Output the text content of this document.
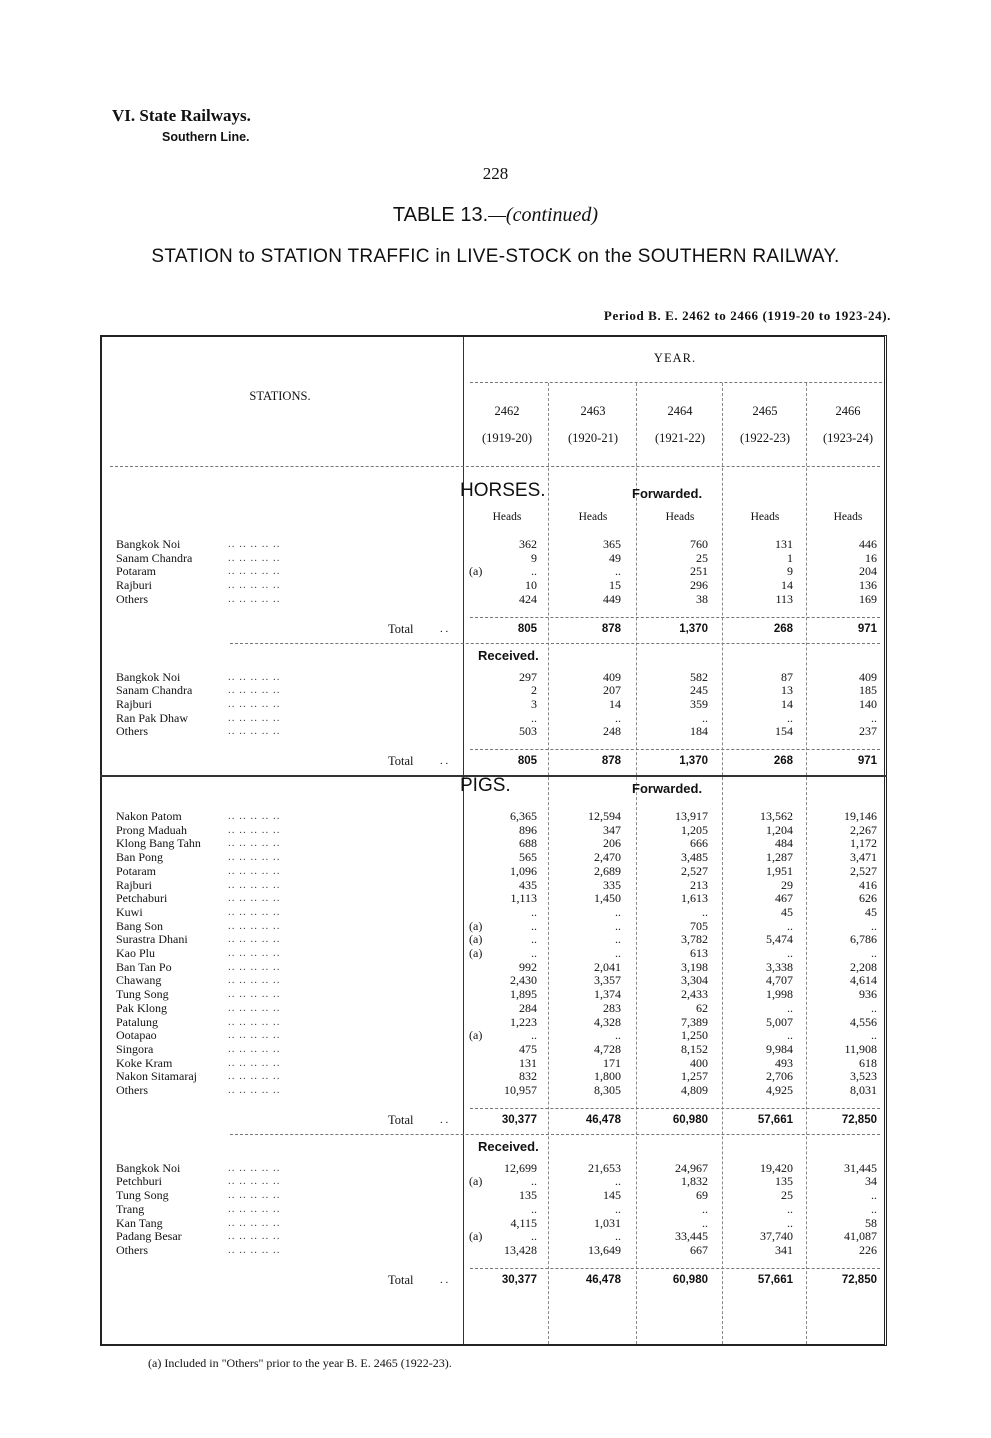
VI. State Railways.
Southern Line.
228
TABLE 13.—(continued)
STATION to STATION TRAFFIC in LIVE-STOCK on the SOUTHERN RAILWAY.
Period B. E. 2462 to 2466 (1919-20 to 1923-24).
STATIONS.
YEAR.
2462
(1919-20)
2463
(1920-21)
2464
(1921-22)
2465
(1922-23)
2466
(1923-24)
HORSES.	Forwarded.
Heads	Heads	Heads	Heads	Heads
Bangkok Noi	.. .. .. .. ..	362	365	760	131	446
Sanam Chandra	.. .. .. .. ..	9	49	25	1	16
Potaram	.. .. .. .. ..	(a)	..	..	251	9	204
Rajburi	.. .. .. .. ..	10	15	296	14	136
Others	.. .. .. .. ..	424	449	38	113	169
Total . .	805	878	1,370	268	971
Received.
Bangkok Noi	.. .. .. .. ..	297	409	582	87	409
Sanam Chandra	.. .. .. .. ..	2	207	245	13	185
Rajburi	.. .. .. .. ..	3	14	359	14	140
Ran Pak Dhaw	.. .. .. .. ..	..	..	..	..	..
Others	.. .. .. .. ..	503	248	184	154	237
Total . .	805	878	1,370	268	971
PIGS.	Forwarded.
Nakon Patom	.. .. .. .. ..	6,365	12,594	13,917	13,562	19,146
Prong Maduah	.. .. .. .. ..	896	347	1,205	1,204	2,267
Klong Bang Tahn .. .. .. .. ..	688	206	666	484	1,172
Ban Pong	.. .. .. .. ..	565	2,470	3,485	1,287	3,471
Potaram	.. .. .. .. ..	1,096	2,689	2,527	1,951	2,527
Rajburi	.. .. .. .. ..	435	335	213	29	416
Petchaburi	.. .. .. .. ..	1,113	1,450	1,613	467	626
Kuwi	.. .. .. .. ..	..	..	..	45	45
Bang Son	.. .. .. .. ..	(a)	..	..	705	..	..
Surastra Dhani	.. .. .. .. ..	(a)	..	..	3,782	5,474	6,786
Kao Plu	.. .. .. .. ..	(a)	..	..	613	..	..
Ban Tan Po	.. .. .. .. ..	992	2,041	3,198	3,338	2,208
Chawang	.. .. .. .. ..	2,430	3,357	3,304	4,707	4,614
Tung Song	.. .. .. .. ..	1,895	1,374	2,433	1,998	936
Pak Klong	.. .. .. .. ..	284	283	62	..	..
Patalung	.. .. .. .. ..	1,223	4,328	7,389	5,007	4,556
Ootapao	.. .. .. .. ..	(a)	..	..	1,250	..	..
Singora	.. .. .. .. ..	475	4,728	8,152	9,984	11,908
Koke Kram	.. .. .. .. ..	131	171	400	493	618
Nakon Sitamaraj	.. .. .. .. ..	832	1,800	1,257	2,706	3,523
Others	.. .. .. .. ..	10,957	8,305	4,809	4,925	8,031
Total . .	30,377	46,478	60,980	57,661	72,850
Received.
Bangkok Noi	.. .. .. .. ..	12,699	21,653	24,967	19,420	31,445
Petchburi	.. .. .. .. ..	(a)	..	..	1,832	135	34
Tung Song	.. .. .. .. ..	135	145	69	25	..
Trang	.. .. .. .. ..	..	..	..	..	..
Kan Tang	.. .. .. .. ..	4,115	1,031	..	..	58
Padang Besar	.. .. .. .. ..	(a)	..	..	33,445	37,740	41,087
Others	.. .. .. .. ..	13,428	13,649	667	341	226
Total . .	30,377	46,478	60,980	57,661	72,850
(a) Included in "Others" prior to the year B. E. 2465 (1922-23).
